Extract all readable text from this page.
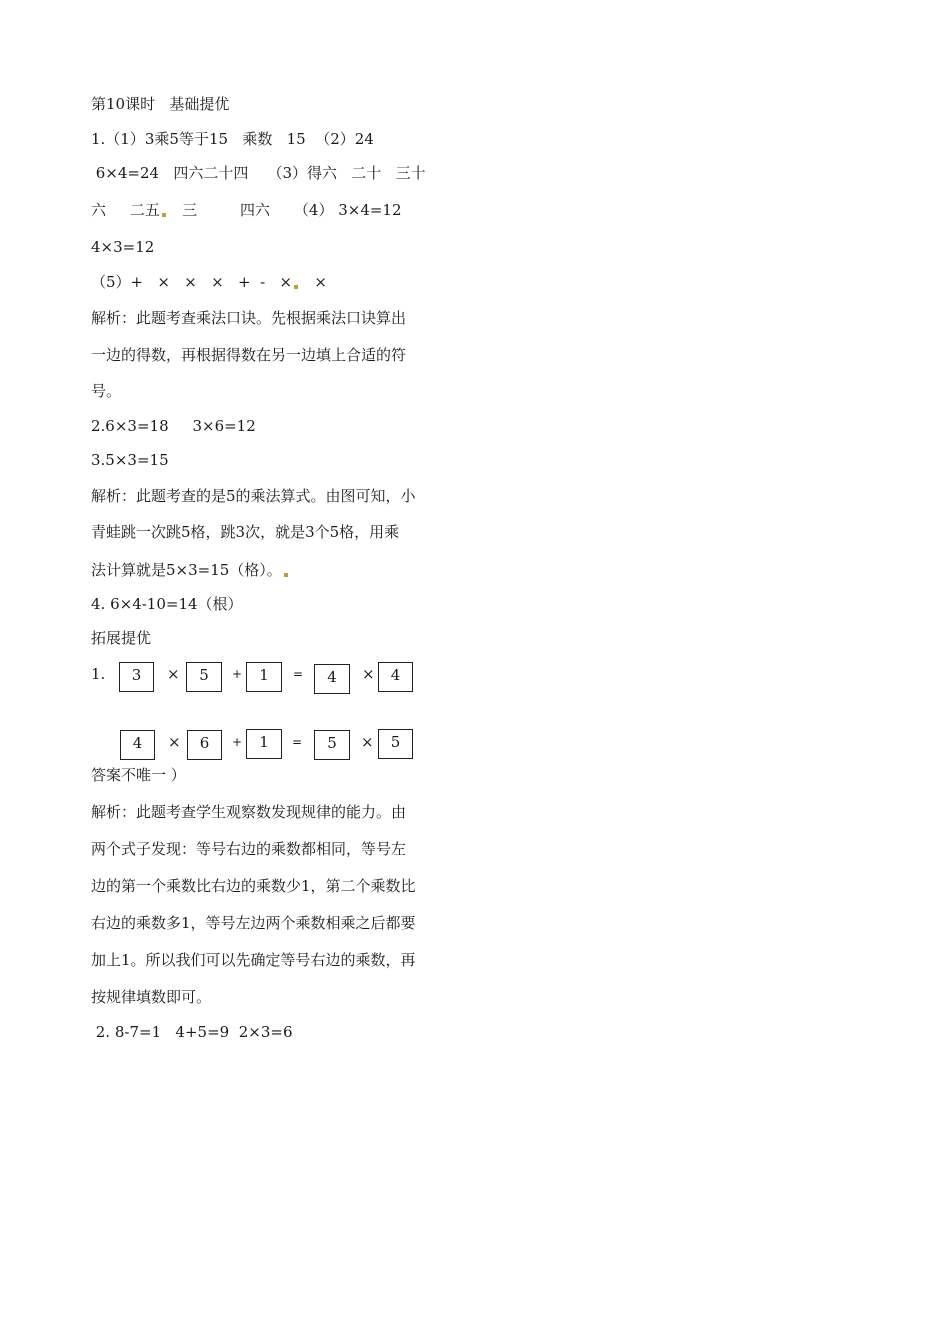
第10课时   基础提优
1.（1）3乘5等于15   乘数   15  （2）24
6×4=24   四六二十四    （3）得六   二十   三十
六     二五   三         四六     （4） 3×4=12
4×3=12
（5）+   ×   ×   ×   +  -   ×   ×
解析：此题考查乘法口诀。先根据乘法口诀算出
一边的得数，再根据得数在另一边填上合适的符
号。
2.6×3=18     3×6=12
3.5×3=15
解析：此题考查的是5的乘法算式。由图可知，小
青蛙跳一次跳5格，跳3次，就是3个5格，用乘
法计算就是5×3=15（格）。
4. 6×4-10=14（根）
拓展提优
1.	3	×	5	+	1	=	4	×	4
4	×	6	+	1	=	5	×	5
答案不唯一 ）
解析：此题考查学生观察数发现规律的能力。由
两个式子发现：等号右边的乘数都相同，等号左
边的第一个乘数比右边的乘数少1，第二个乘数比
右边的乘数多1，等号左边两个乘数相乘之后都要
加上1。所以我们可以先确定等号右边的乘数，再
按规律填数即可。
2. 8-7=1   4+5=9  2×3=6
